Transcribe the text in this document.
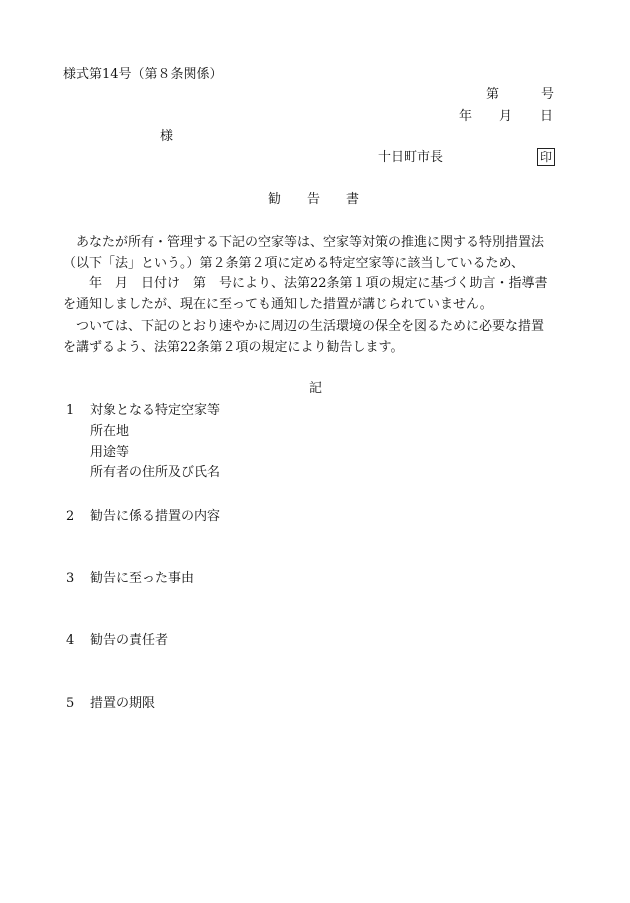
様式第14号（第８条関係）
第	号
年 月 日
様
十日町市長	印
勧 告 書
　あなたが所有・管理する下記の空家等は、空家等対策の推進に関する特別措置法
（以下「法」という。）第２条第２項に定める特定空家等に該当しているため、
　　年　月　日付け　第　号により、法第22条第１項の規定に基づく助言・指導書
を通知しましたが、現在に至っても通知した措置が講じられていません。
　ついては、下記のとおり速やかに周辺の生活環境の保全を図るために必要な措置
を講ずるよう、法第22条第２項の規定により勧告します。
記
1 対象となる特定空家等
所在地
用途等
所有者の住所及び氏名
2 勧告に係る措置の内容
3 勧告に至った事由
4 勧告の責任者
5 措置の期限
